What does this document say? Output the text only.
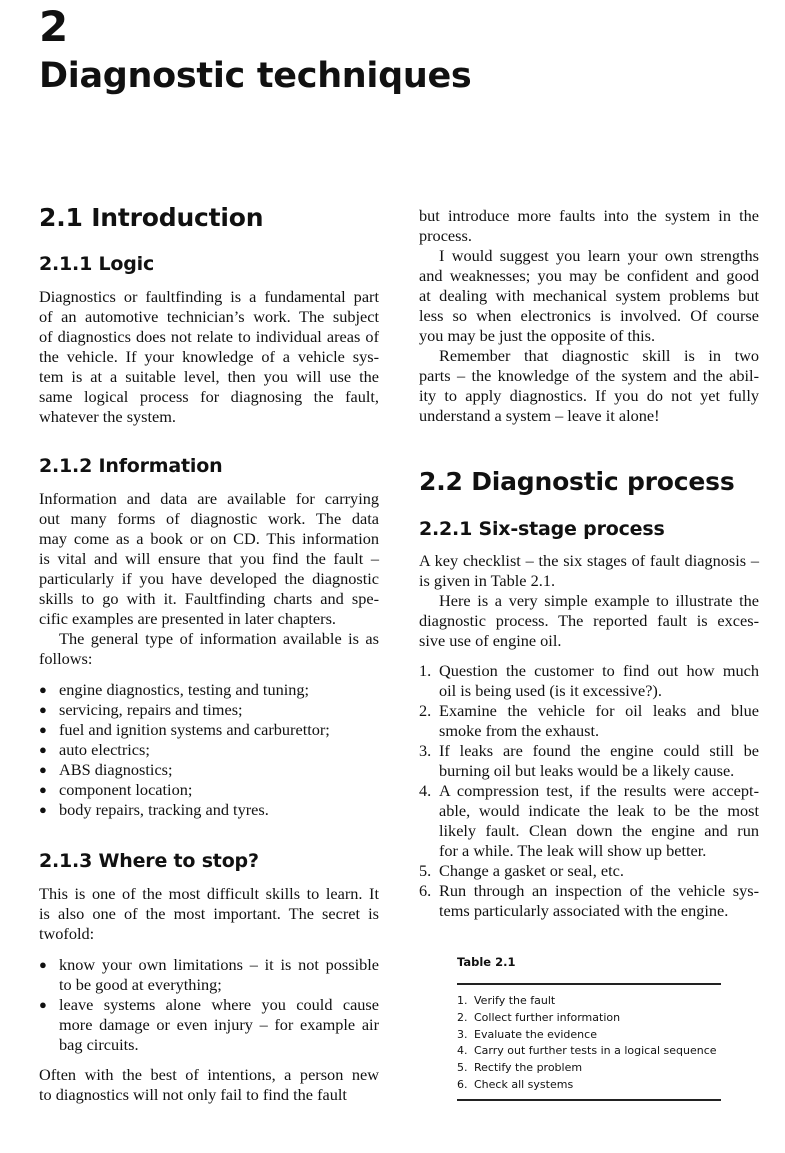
2
Diagnostic techniques
2.1 Introduction
2.1.1 Logic
Diagnostics or faultfinding is a fundamental part
of an automotive technician’s work. The subject
of diagnostics does not relate to individual areas of
the vehicle. If your knowledge of a vehicle sys-
tem is at a suitable level, then you will use the
same logical process for diagnosing the fault,
whatever the system.
2.1.2 Information
Information and data are available for carrying
out many forms of diagnostic work. The data
may come as a book or on CD. This information
is vital and will ensure that you find the fault –
particularly if you have developed the diagnostic
skills to go with it. Faultfinding charts and spe-
cific examples are presented in later chapters.
The general type of information available is as
follows:
● engine diagnostics, testing and tuning;
● servicing, repairs and times;
● fuel and ignition systems and carburettor;
● auto electrics;
● ABS diagnostics;
● component location;
● body repairs, tracking and tyres.
2.1.3 Where to stop?
This is one of the most difficult skills to learn. It
is also one of the most important. The secret is
twofold:
● know your own limitations – it is not possible
to be good at everything;
● leave systems alone where you could cause
more damage or even injury – for example air
bag circuits.
Often with the best of intentions, a person new
to diagnostics will not only fail to find the fault
but introduce more faults into the system in the
process.
I would suggest you learn your own strengths
and weaknesses; you may be confident and good
at dealing with mechanical system problems but
less so when electronics is involved. Of course
you may be just the opposite of this.
Remember that diagnostic skill is in two
parts – the knowledge of the system and the abil-
ity to apply diagnostics. If you do not yet fully
understand a system – leave it alone!
2.2 Diagnostic process
2.2.1 Six-stage process
A key checklist – the six stages of fault diagnosis –
is given in Table 2.1.
Here is a very simple example to illustrate the
diagnostic process. The reported fault is exces-
sive use of engine oil.
1. Question the customer to find out how much
oil is being used (is it excessive?).
2. Examine the vehicle for oil leaks and blue
smoke from the exhaust.
3. If leaks are found the engine could still be
burning oil but leaks would be a likely cause.
4. A compression test, if the results were accept-
able, would indicate the leak to be the most
likely fault. Clean down the engine and run
for a while. The leak will show up better.
5. Change a gasket or seal, etc.
6. Run through an inspection of the vehicle sys-
tems particularly associated with the engine.
Table 2.1
1. Verify the fault
2. Collect further information
3. Evaluate the evidence
4. Carry out further tests in a logical sequence
5. Rectify the problem
6. Check all systems
